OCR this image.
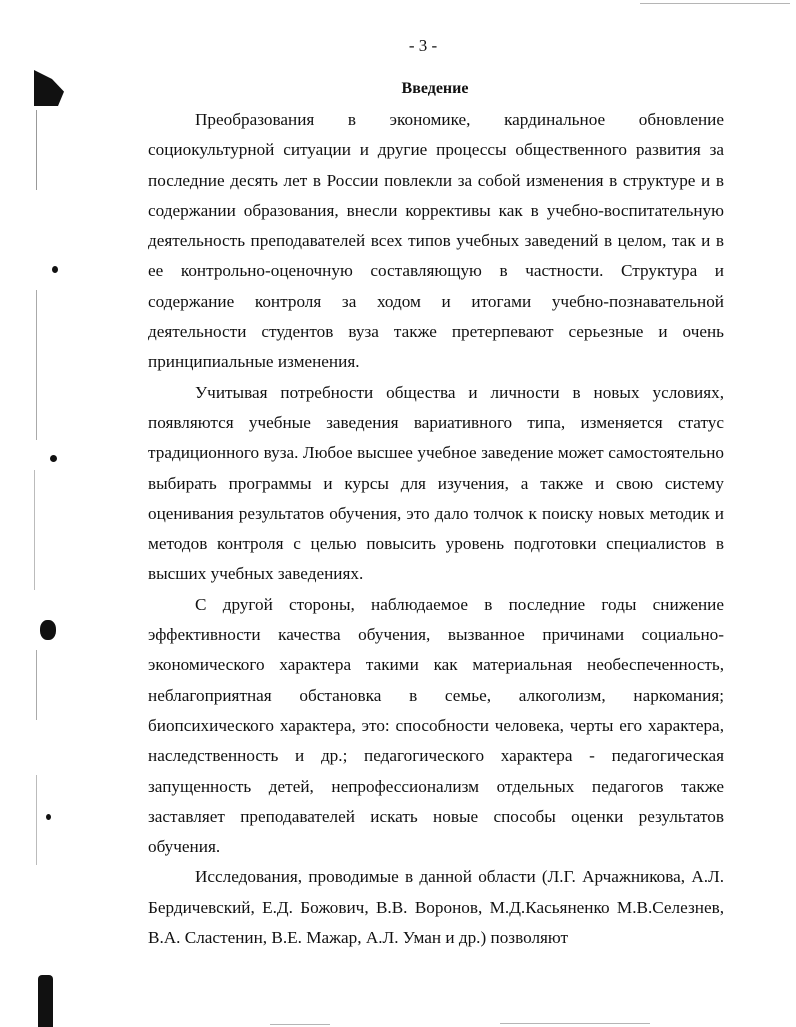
- 3 -
Введение

Преобразования в экономике, кардинальное обновление социокультурной ситуации и другие процессы общественного развития за последние десять лет в России повлекли за собой изменения в структуре и в содержании образования, внесли коррективы как в учебно-воспитательную деятельность преподавателей всех типов учебных заведений в целом, так и в ее контрольно-оценочную составляющую в частности. Структура и содержание контроля за ходом и итогами учебно-познавательной деятельности студентов вуза также претерпевают серьезные и очень принципиальные изменения.

Учитывая потребности общества и личности в новых условиях, появляются учебные заведения вариативного типа, изменяется статус традиционного вуза. Любое высшее учебное заведение может самостоятельно выбирать программы и курсы для изучения, а также и свою систему оценивания результатов обучения, это дало толчок к поиску новых методик и методов контроля с целью повысить уровень подготовки специалистов в высших учебных заведениях.

С другой стороны, наблюдаемое в последние годы снижение эффективности качества обучения, вызванное причинами социально-экономического характера такими как материальная необеспеченность, неблагоприятная обстановка в семье, алкоголизм, наркомания; биопсихического характера, это: способности человека, черты его характера, наследственность и др.; педагогического характера - педагогическая запущенность детей, непрофессионализм отдельных педагогов также заставляет преподавателей искать новые способы оценки результатов обучения.

Исследования, проводимые в данной области (Л.Г. Арчажникова, А.Л. Бердичевский, Е.Д. Божович, В.В. Воронов, М.Д.Касьяненко М.В.Селезнев, В.А. Сластенин, В.Е. Мажар, А.Л. Уман и др.) позволяют
